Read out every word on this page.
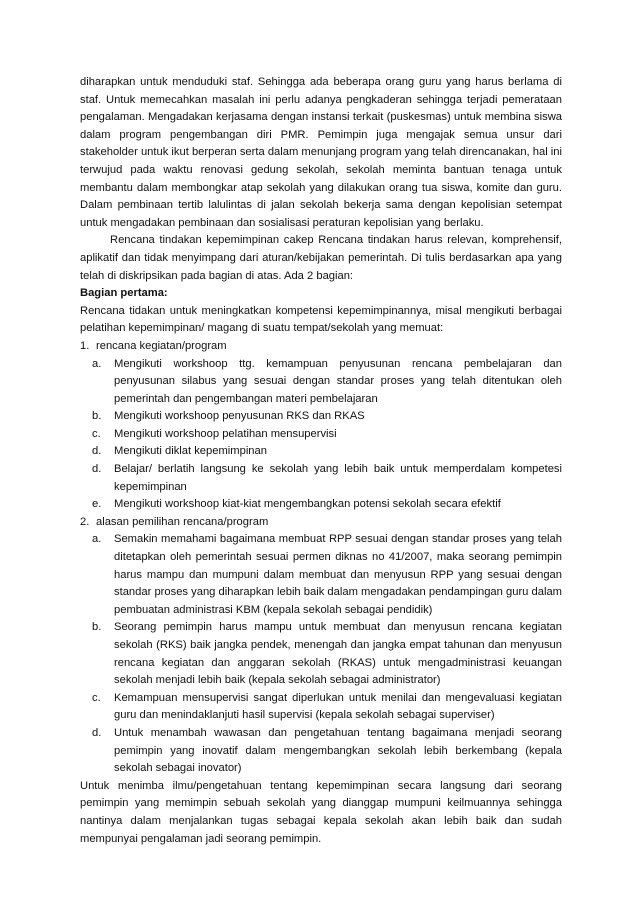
diharapkan untuk menduduki staf. Sehingga ada beberapa orang guru yang harus berlama di staf. Untuk memecahkan masalah ini perlu adanya pengkaderan sehingga terjadi pemerataan pengalaman. Mengadakan kerjasama dengan instansi terkait (puskesmas) untuk membina siswa dalam program pengembangan diri PMR. Pemimpin juga mengajak semua unsur dari stakeholder untuk ikut berperan serta dalam menunjang program yang telah direncanakan, hal ini terwujud pada waktu renovasi gedung sekolah, sekolah meminta bantuan tenaga untuk membantu dalam membongkar atap sekolah yang dilakukan orang tua siswa, komite dan guru. Dalam pembinaan tertib lalulintas di jalan sekolah bekerja sama dengan kepolisian setempat untuk mengadakan pembinaan dan sosialisasi peraturan kepolisian yang berlaku.

Rencana tindakan kepemimpinan cakep Rencana tindakan harus relevan, komprehensif, aplikatif dan tidak menyimpang dari aturan/kebijakan pemerintah. Di tulis berdasarkan apa yang telah di diskripsikan pada bagian di atas. Ada 2 bagian:

Bagian pertama:

Rencana tidakan untuk meningkatkan kompetensi kepemimpinannya, misal mengikuti berbagai pelatihan kepemimpinan/ magang di suatu tempat/sekolah yang memuat:

1. rencana kegiatan/program
a.	Mengikuti workshoop ttg. kemampuan penyusunan rencana pembelajaran dan penyusunan silabus yang sesuai dengan standar proses yang telah ditentukan oleh pemerintah dan pengembangan materi pembelajaran
b.	Mengikuti workshoop penyusunan RKS dan RKAS
c.	Mengikuti workshoop pelatihan mensupervisi
d.	Mengikuti diklat kepemimpinan
d.	Belajar/ berlatih langsung ke sekolah yang lebih baik untuk memperdalam kompetesi kepemimpinan
e.	Mengikuti workshoop kiat-kiat mengembangkan potensi sekolah secara efektif
2. alasan pemilihan rencana/program
a.	Semakin memahami bagaimana membuat RPP sesuai dengan standar proses yang telah ditetapkan oleh pemerintah sesuai permen diknas no 41/2007, maka seorang pemimpin harus mampu dan mumpuni dalam membuat dan menyusun RPP yang sesuai dengan standar proses yang diharapkan lebih baik dalam mengadakan pendampingan guru dalam pembuatan administrasi KBM (kepala sekolah sebagai pendidik)
b.	Seorang pemimpin harus mampu untuk membuat dan menyusun rencana kegiatan sekolah (RKS) baik jangka pendek, menengah dan jangka empat tahunan dan menyusun rencana kegiatan dan anggaran sekolah (RKAS) untuk mengadministrasi keuangan sekolah menjadi lebih baik (kepala sekolah sebagai administrator)
c.	Kemampuan mensupervisi sangat diperlukan untuk menilai dan mengevaluasi kegiatan guru dan menindaklanjuti hasil supervisi (kepala sekolah sebagai superviser)
d.	Untuk menambah wawasan dan pengetahuan tentang bagaimana menjadi seorang pemimpin yang inovatif dalam mengembangkan sekolah lebih berkembang (kepala sekolah sebagai inovator)

Untuk menimba ilmu/pengetahuan tentang kepemimpinan secara langsung dari seorang pemimpin yang memimpin sebuah sekolah yang dianggap mumpuni keilmuannya sehingga nantinya dalam menjalankan tugas sebagai kepala sekolah akan lebih baik dan sudah mempunyai pengalaman jadi seorang pemimpin.
